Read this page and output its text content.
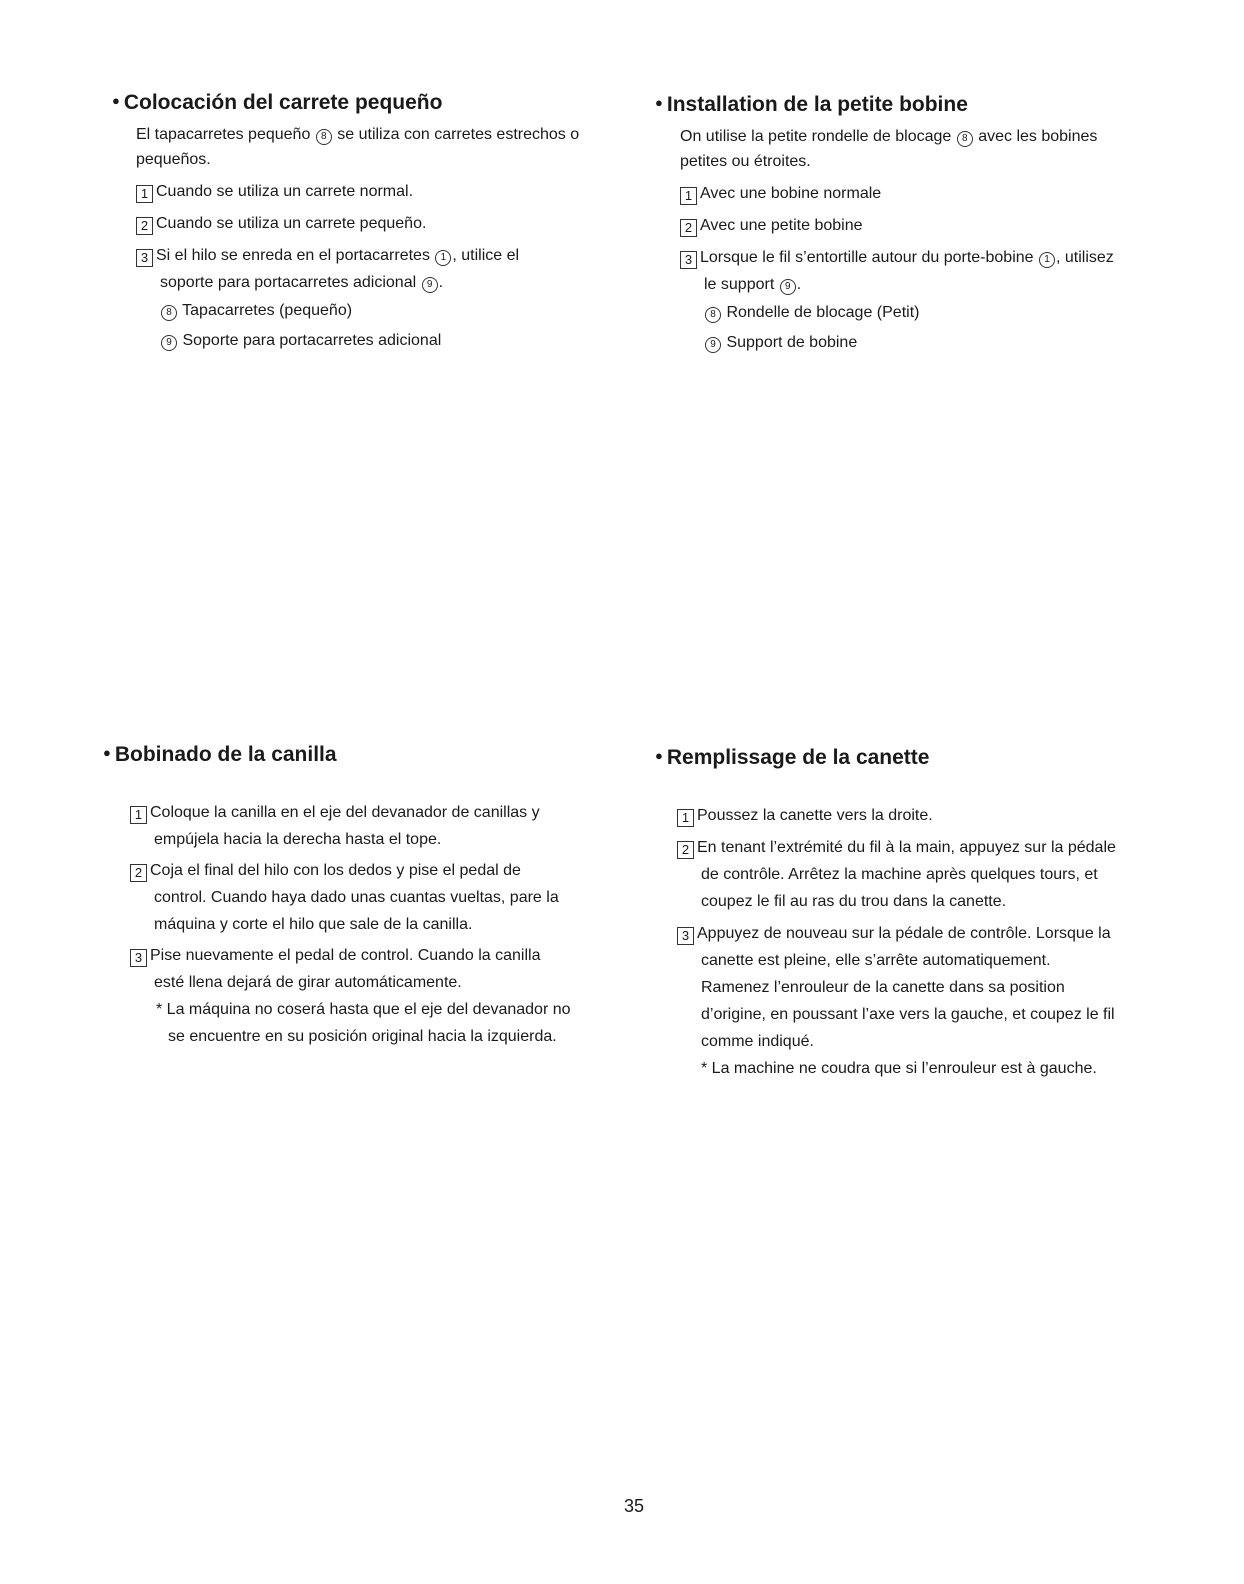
● Colocación del carrete pequeño
El tapacarretes pequeño 8 se utiliza con carretes estrechos o
pequeños.
1 Cuando se utiliza un carrete normal.
2 Cuando se utiliza un carrete pequeño.
3 Si el hilo se enreda en el portacarretes 1 , utilice el
soporte para portacarretes adicional 9 .
8 Tapacarretes (pequeño)
9 Soporte para portacarretes adicional
● Installation de la petite bobine
On utilise la petite rondelle de blocage 8 avec les bobines
petites ou étroites.
1 Avec une bobine normale
2 Avec une petite bobine
3 Lorsque le fil s’entortille autour du porte-bobine 1 , utilisez
le support 9 .
8 Rondelle de blocage (Petit)
9 Support de bobine
● Bobinado de la canilla
1 Coloque la canilla en el eje del devanador de canillas y
empújela hacia la derecha hasta el tope.
2 Coja el final del hilo con los dedos y pise el pedal de
control. Cuando haya dado unas cuantas vueltas, pare la
máquina y corte el hilo que sale de la canilla.
3 Pise nuevamente el pedal de control. Cuando la canilla
esté llena dejará de girar automáticamente.
* La máquina no coserá hasta que el eje del devanador no
se encuentre en su posición original hacia la izquierda.
● Remplissage de la canette
1 Poussez la canette vers la droite.
2 En tenant l’extrémité du fil à la main, appuyez sur la pédale
de contrôle. Arrêtez la machine après quelques tours, et
coupez le fil au ras du trou dans la canette.
3 Appuyez de nouveau sur la pédale de contrôle. Lorsque la
canette est pleine, elle s’arrête automatiquement.
Ramenez l’enrouleur de la canette dans sa position
d’origine, en poussant l’axe vers la gauche, et coupez le fil
comme indiqué.
* La machine ne coudra que si l’enrouleur est à gauche.
35
